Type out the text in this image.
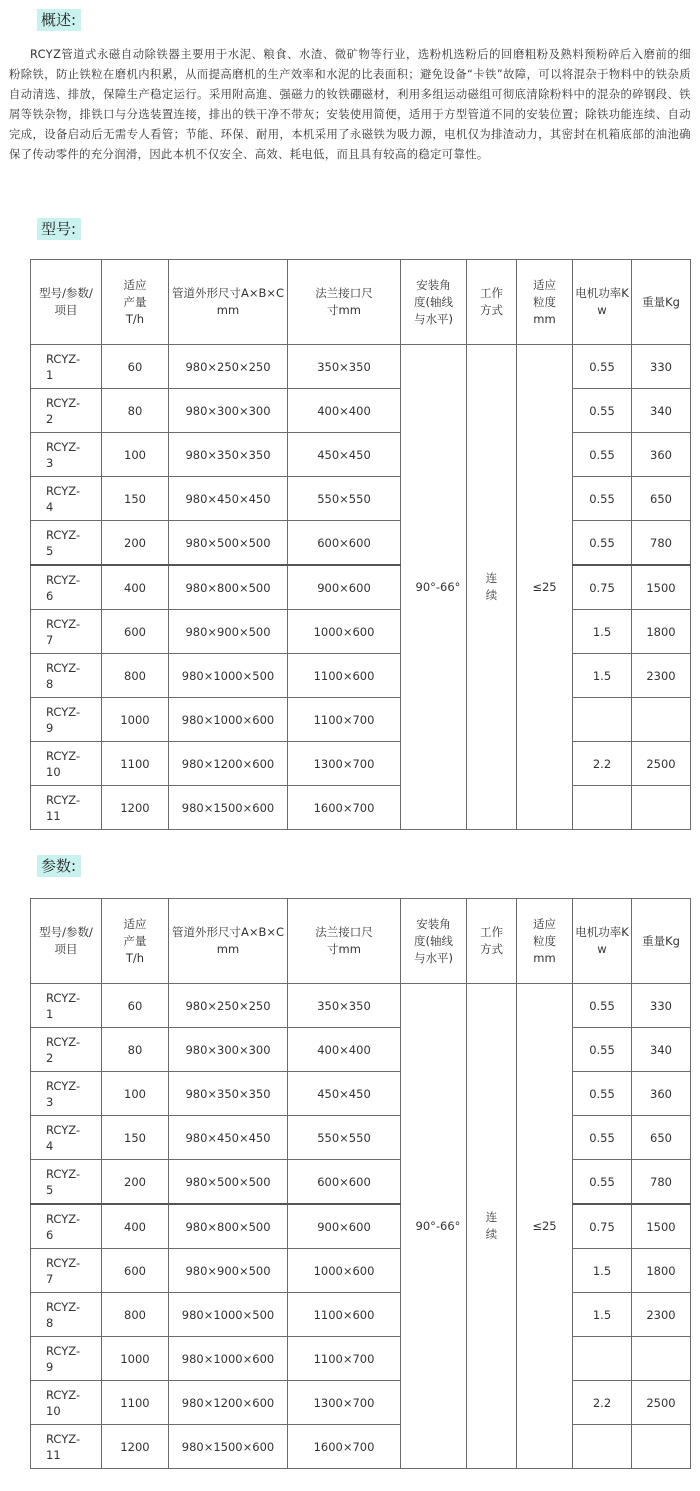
概述:
RCYZ管道式永磁自动除铁器主要用于水泥、粮食、水渣、微矿物等行业，选粉机选粉后的回磨粗粉及熟料预粉碎后入磨前的细粉除铁，防止铁粒在磨机内积累，从而提高磨机的生产效率和水泥的比表面积；避免设备“卡铁”故障，可以将混杂于物料中的铁杂质自动清选、排放，保障生产稳定运行。采用附高進、强磁力的钕铁硼磁材，利用多组运动磁组可彻底清除粉料中的混杂的碎钢段、铁屑等铁杂物，排铁口与分选装置连接，排出的铁干净不带灰；安装使用简便，适用于方型管道不同的安装位置；除铁功能连续、自动完成，设备启动后无需专人看管；节能、环保、耐用，本机采用了永磁铁为吸力源，电机仅为排渣动力，其密封在机箱底部的油池确保了传动零件的充分润滑，因此本机不仅安全、高效、耗电低，而且具有较高的稳定可靠性。
型号:
型号/参数/项目	适应产量T/h	管道外形尺寸A×B×Cmm	法兰接口尺寸mm	安装角度(轴线与水平)	工作方式	适应粒度mm	电机功率Kw	重量Kg
RCYZ-1	60	980×250×250	350×350	90°-66°	连续	≤25	0.55	330
RCYZ-2	80	980×300×300	400×400				0.55	340
RCYZ-3	100	980×350×350	450×450				0.55	360
RCYZ-4	150	980×450×450	550×550				0.55	650
RCYZ-5	200	980×500×500	600×600				0.55	780
RCYZ-6	400	980×800×500	900×600				0.75	1500
RCYZ-7	600	980×900×500	1000×600				1.5	1800
RCYZ-8	800	980×1000×500	1100×600				1.5	2300
RCYZ-9	1000	980×1000×600	1100×700					
RCYZ-10	1100	980×1200×600	1300×700				2.2	2500
RCYZ-11	1200	980×1500×600	1600×700					
参数:
型号/参数/项目	适应产量T/h	管道外形尺寸A×B×Cmm	法兰接口尺寸mm	安装角度(轴线与水平)	工作方式	适应粒度mm	电机功率Kw	重量Kg
RCYZ-1	60	980×250×250	350×350	90°-66°	连续	≤25	0.55	330
RCYZ-2	80	980×300×300	400×400				0.55	340
RCYZ-3	100	980×350×350	450×450				0.55	360
RCYZ-4	150	980×450×450	550×550				0.55	650
RCYZ-5	200	980×500×500	600×600				0.55	780
RCYZ-6	400	980×800×500	900×600				0.75	1500
RCYZ-7	600	980×900×500	1000×600				1.5	1800
RCYZ-8	800	980×1000×500	1100×600				1.5	2300
RCYZ-9	1000	980×1000×600	1100×700					
RCYZ-10	1100	980×1200×600	1300×700				2.2	2500
RCYZ-11	1200	980×1500×600	1600×700					
